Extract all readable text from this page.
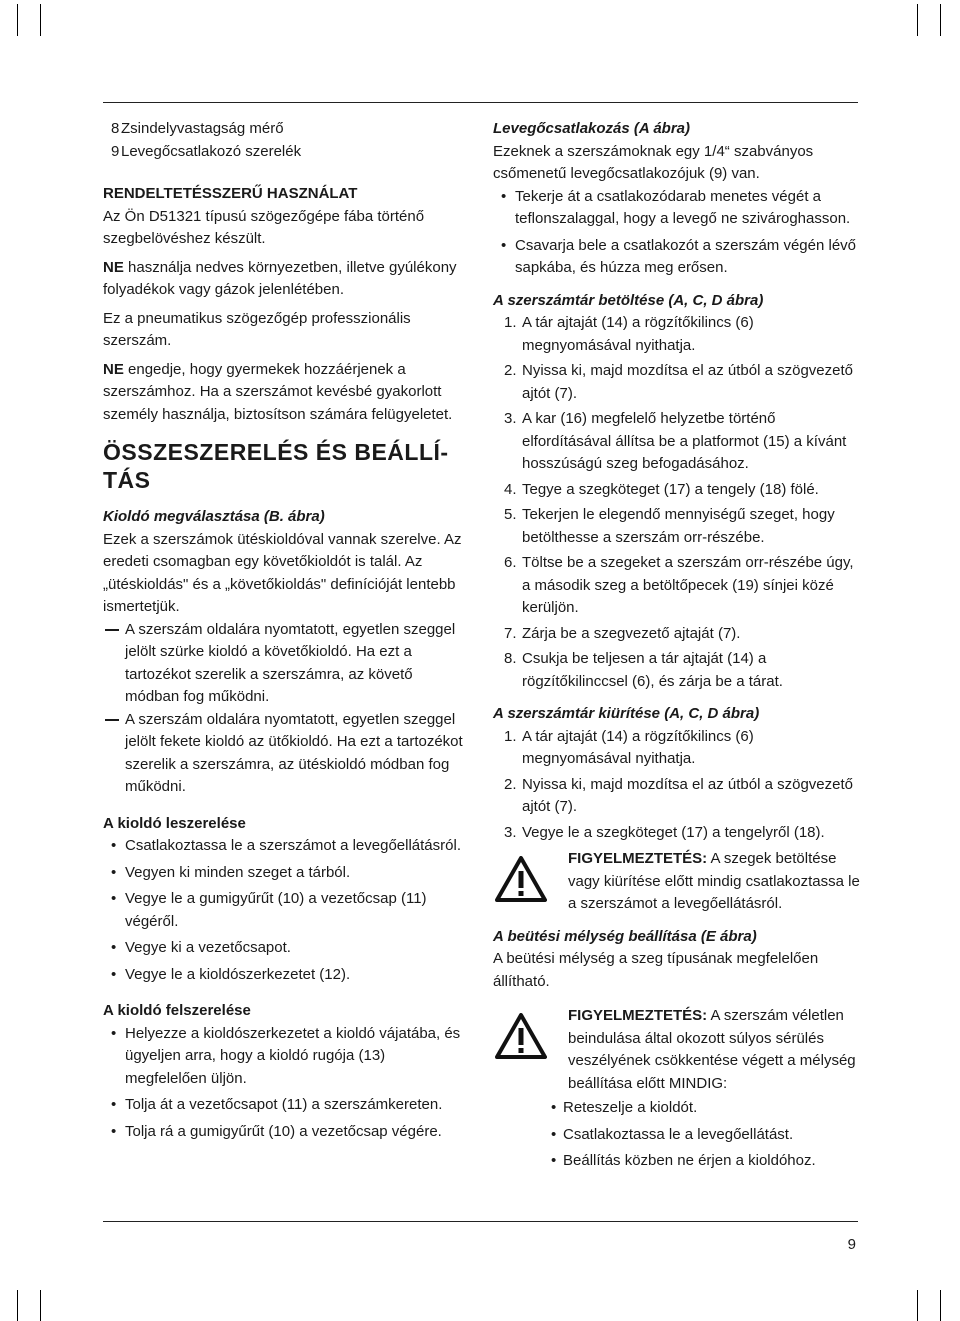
9

8 Zsindelyvastagság mérő

9 Levegőcsatlakozó szerelék

RENDELTETÉSSZERŰ HASZNÁLAT

Az Ön D51321 típusú szögezőgépe fába történő szegbelövéshez készült.

NE használja nedves környezetben, illetve gyúlékony folyadékok vagy gázok jelenlétében.

Ez a pneumatikus szögezőgép professzionális szerszám.

NE engedje, hogy gyermekek hozzáérjenek a szerszámhoz. Ha a szerszámot kevésbé gyakorlott személy használja, biztosítson számára felügyeletet.

ÖSSZESZERELÉS ÉS BEÁLLÍ-TÁS

Kioldó megválasztása (B. ábra)

Ezek a szerszámok ütéskioldóval vannak szerelve. Az eredeti csomagban egy követőkioldót is talál. Az „ütéskioldás" és a „követőkioldás" definícióját lentebb ismertetjük.

A szerszám oldalára nyomtatott, egyetlen szeggel jelölt szürke kioldó a követőkioldó. Ha ezt a tartozékot szerelik a szerszámra, az követő módban fog működni.
A szerszám oldalára nyomtatott, egyetlen szeggel jelölt fekete kioldó az ütőkioldó. Ha ezt a tartozékot szerelik a szerszámra, az ütéskioldó módban fog működni.

A kioldó leszerelése

• Csatlakoztassa le a szerszámot a levegőellátásról.
• Vegyen ki minden szeget a tárból.
• Vegye le a gumigyűrűt (10) a vezetőcsap (11) végéről.
• Vegye ki a vezetőcsapot.
• Vegye le a kioldószerkezetet (12).

A kioldó felszerelése

• Helyezze a kioldószerkezetet a kioldó vájatába, és ügyeljen arra, hogy a kioldó rugója (13) megfelelően üljön.
• Tolja át a vezetőcsapot (11) a szerszámkereten.
• Tolja rá a gumigyűrűt (10) a vezetőcsap végére.

Levegőcsatlakozás (A ábra)

Ezeknek a szerszámoknak egy 1/4“ szabványos csőmenetű levegőcsatlakozójuk (9) van.

• Tekerje át a csatlakozódarab menetes végét a teflonszalaggal, hogy a levegő ne szivároghasson.
• Csavarja bele a csatlakozót a szerszám végén lévő sapkába, és húzza meg erősen.

A szerszámtár betöltése (A, C, D ábra)

1. A tár ajtaját (14) a rögzítőkilincs (6) megnyomásával nyithatja.
2. Nyissa ki, majd mozdítsa el az útból a szögvezető ajtót (7).
3. A kar (16) megfelelő helyzetbe történő elfordításával állítsa be a platformot (15) a kívánt hosszúságú szeg befogadásához.
4. Tegye a szegköteget (17) a tengely (18) fölé.
5. Tekerjen le elegendő mennyiségű szeget, hogy betölthesse a szerszám orr-részébe.
6. Töltse be a szegeket a szerszám orr-részébe úgy, a második szeg a betöltőpecek (19) sínjei közé kerüljön.
7. Zárja be a szegvezető ajtaját (7).
8. Csukja be teljesen a tár ajtaját (14) a rögzítőkilinccsel (6), és zárja be a tárat.

A szerszámtár kiürítése (A, C, D ábra)

1. A tár ajtaját (14) a rögzítőkilincs (6) megnyomásával nyithatja.
2. Nyissa ki, majd mozdítsa el az útból a szögvezető ajtót (7).
3. Vegye le a szegköteget (17) a tengelyről (18).

FIGYELMEZTETÉS: A szegek betöltése vagy kiürítése előtt mindig csatlakoztassa le a szerszámot a levegőellátásról.

A beütési mélység beállítása (E ábra)

A beütési mélység a szeg típusának megfelelően állítható.

FIGYELMEZTETÉS: A szerszám véletlen beindulása által okozott súlyos sérülés veszélyének csökkentése végett a mélység beállítása előtt MINDIG:

• Reteszelje a kioldót.
• Csatlakoztassa le a levegőellátást.
• Beállítás közben ne érjen a kioldóhoz.
